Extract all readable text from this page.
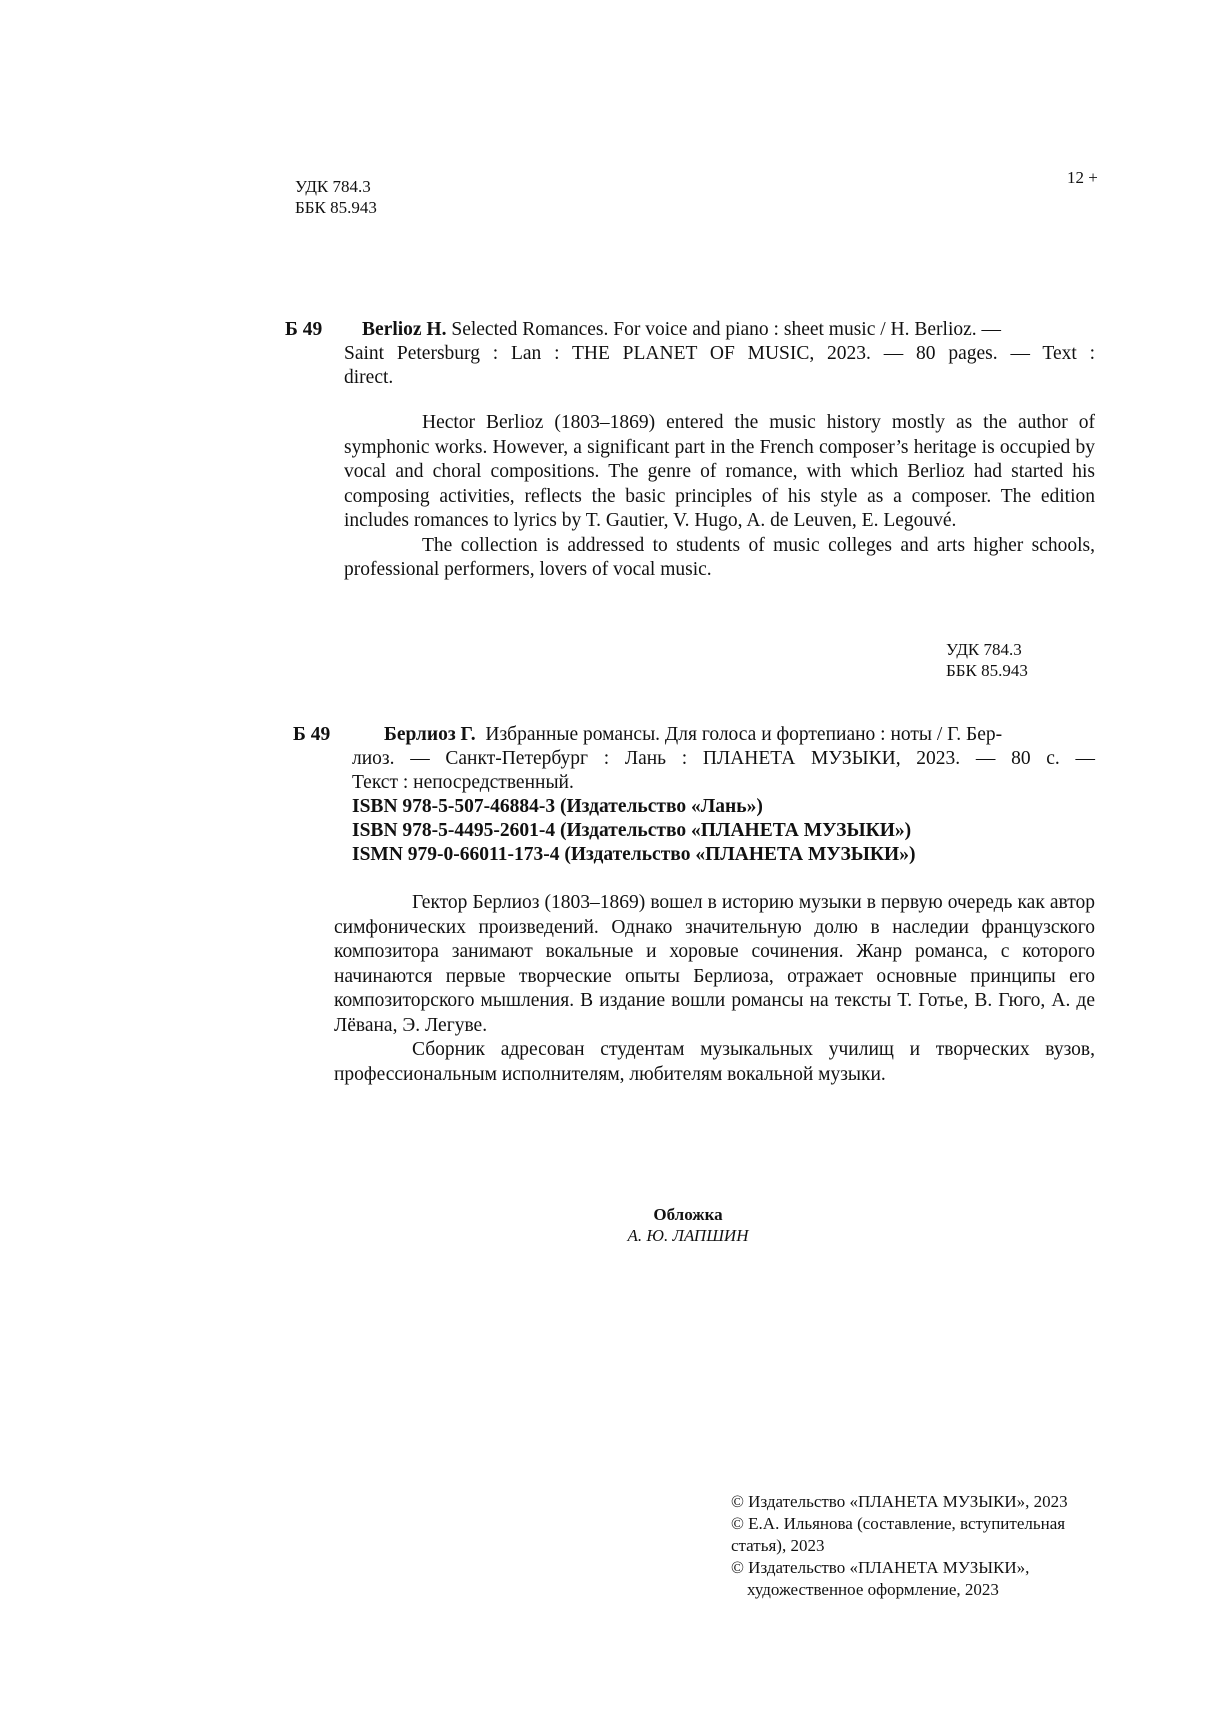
УДК 784.3
ББК 85.943
12 +
Б 49 Berlioz H. Selected Romances. For voice and piano : sheet music / H. Berlioz. —
Saint Petersburg : Lan : THE PLANET OF MUSIC, 2023. — 80 pages. — Text :
direct.

Hector Berlioz (1803–1869) entered the music history mostly as the author of symphonic works. However, a significant part in the French composer’s heritage is occupied by vocal and choral compositions. The genre of romance, with which Berlioz had started his composing activities, reflects the basic principles of his style as a composer. The edition includes romances to lyrics by T. Gautier, V. Hugo, A. de Leuven, E. Legouvé.

The collection is addressed to students of music colleges and arts higher schools, professional performers, lovers of vocal music.

УДК 784.3
ББК 85.943
Б 49	Берлиоз Г. Избранные романсы. Для голоса и фортепиано : ноты / Г. Бер-
лиоз. — Санкт-Петербург : Лань : ПЛАНЕТА МУЗЫКИ, 2023. — 80 с. —
Текст : непосредственный.
ISBN 978-5-507-46884-3 (Издательство «Лань»)
ISBN 978-5-4495-2601-4 (Издательство «ПЛАНЕТА МУЗЫКИ»)
ISMN 979-0-66011-173-4 (Издательство «ПЛАНЕТА МУЗЫКИ»)

Гектор Берлиоз (1803–1869) вошел в историю музыки в первую очередь как автор симфонических произведений. Однако значительную долю в наследии французского композитора занимают вокальные и хоровые сочинения. Жанр романса, с которого начинаются первые творческие опыты Берлиоза, отражает основные принципы его композиторского мышления. В издание вошли романсы на тексты Т. Готье, В. Гюго, А. де Лёвана, Э. Легуве.

Сборник адресован студентам музыкальных училищ и творческих вузов, профессиональным исполнителям, любителям вокальной музыки.

Обложка
А. Ю. ЛАПШИН
© Издательство «ПЛАНЕТА МУЗЫКИ», 2023
© Е.А. Ильянова (составление, вступительная
статья), 2023
© Издательство «ПЛАНЕТА МУЗЫКИ»,
художественное оформление, 2023
